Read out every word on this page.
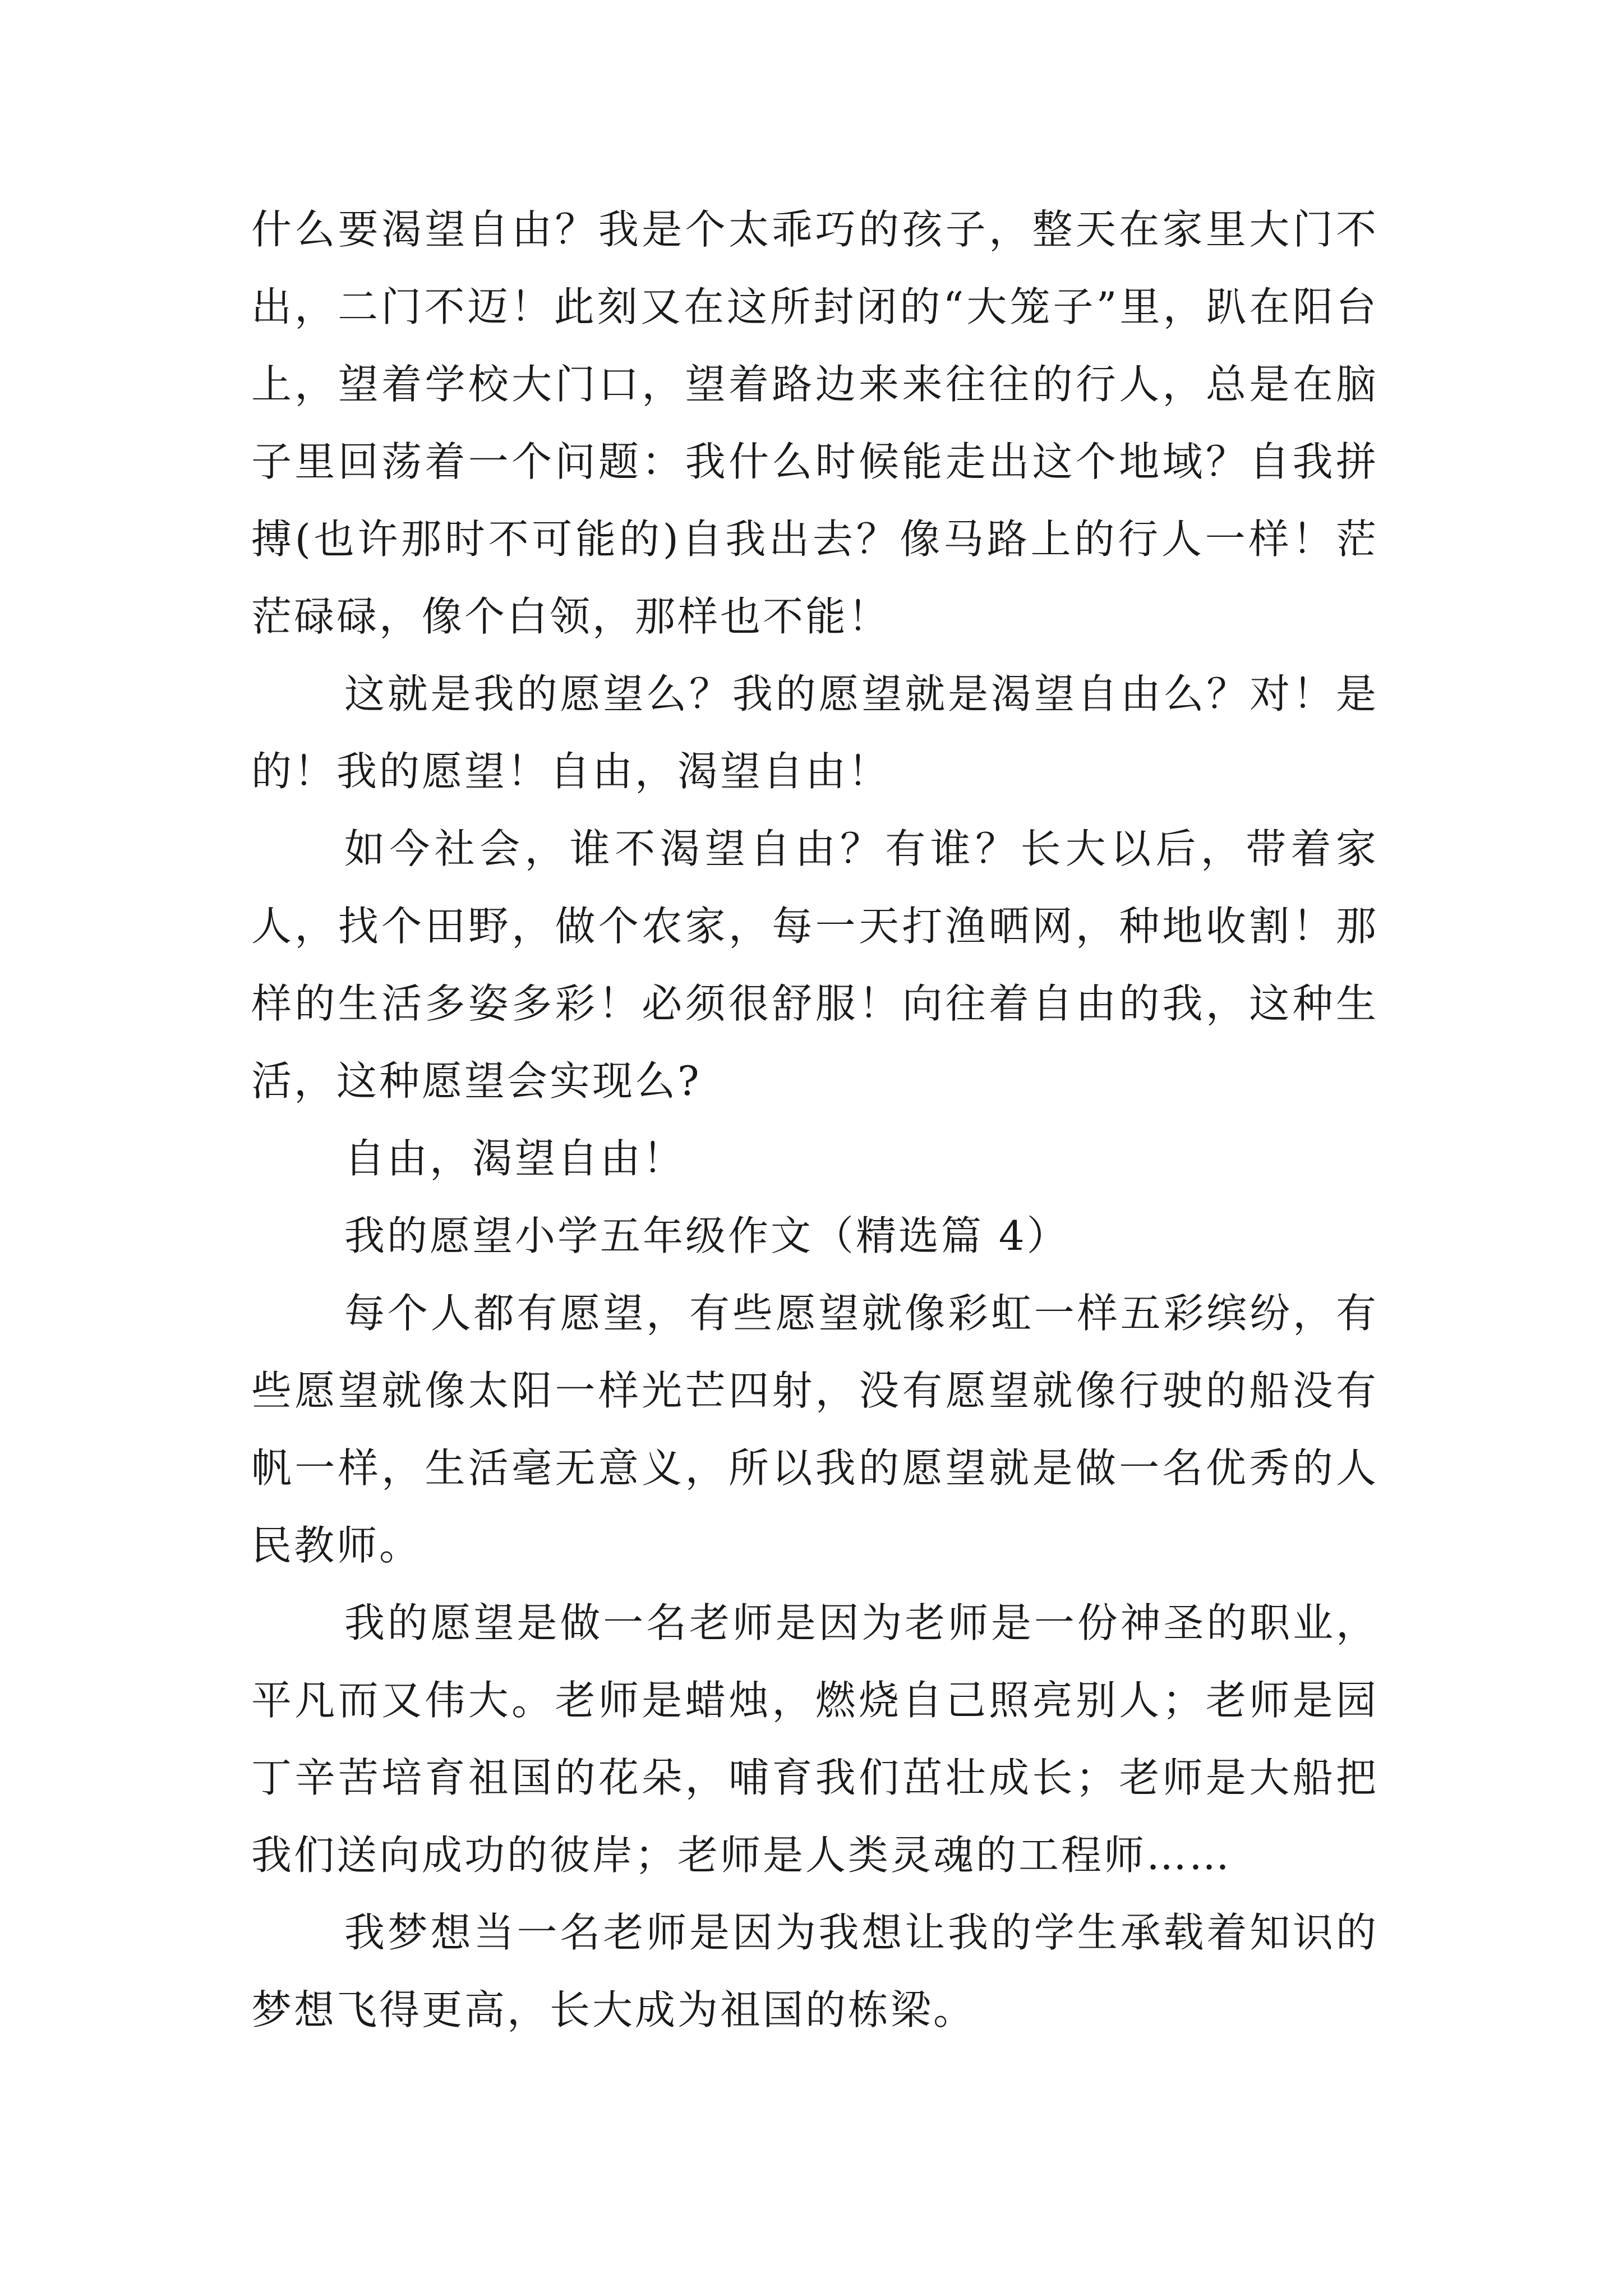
什么要渴望自由？我是个太乖巧的孩子，整天在家里大门不出，二门不迈！此刻又在这所封闭的“大笼子”里，趴在阳台上，望着学校大门口，望着路边来来往往的行人，总是在脑子里回荡着一个问题：我什么时候能走出这个地域？自我拼搏(也许那时不可能的)自我出去？像马路上的行人一样！茫茫碌碌，像个白领，那样也不能！

这就是我的愿望么？我的愿望就是渴望自由么？对！是的！我的愿望！自由，渴望自由！

如今社会，谁不渴望自由？有谁？长大以后，带着家人，找个田野，做个农家，每一天打渔晒网，种地收割！那样的生活多姿多彩！必须很舒服！向往着自由的我，这种生活，这种愿望会实现么?

自由，渴望自由！

我的愿望小学五年级作文（精选篇 4）

每个人都有愿望，有些愿望就像彩虹一样五彩缤纷，有些愿望就像太阳一样光芒四射，没有愿望就像行驶的船没有帆一样，生活毫无意义，所以我的愿望就是做一名优秀的人民教师。

我的愿望是做一名老师是因为老师是一份神圣的职业，平凡而又伟大。老师是蜡烛，燃烧自己照亮别人；老师是园丁辛苦培育祖国的花朵，哺育我们茁壮成长；老师是大船把我们送向成功的彼岸；老师是人类灵魂的工程师……

我梦想当一名老师是因为我想让我的学生承载着知识的梦想飞得更高，长大成为祖国的栋梁。
